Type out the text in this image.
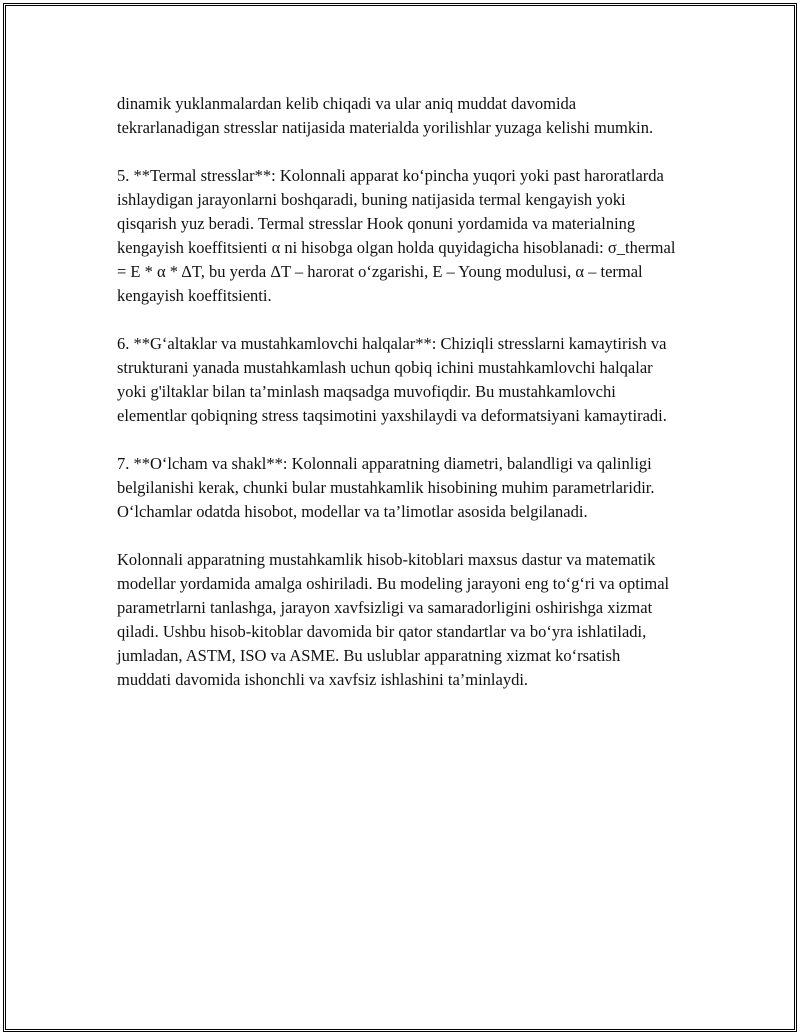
dinamik yuklanmalardan kelib chiqadi va ular aniq muddat davomida tekrarlanadigan stresslar natijasida materialda yorilishlar yuzaga kelishi mumkin.

5. **Termal stresslar**: Kolonnali apparat ko‘pincha yuqori yoki past haroratlarda ishlaydigan jarayonlarni boshqaradi, buning natijasida termal kengayish yoki qisqarish yuz beradi. Termal stresslar Hook qonuni yordamida va materialning kengayish koeffitsienti α ni hisobga olgan holda quyidagicha hisoblanadi: σ_thermal = E * α * ΔT, bu yerda ΔT – harorat o‘zgarishi, E – Young modulusi, α – termal kengayish koeffitsienti.

6. **G‘altaklar va mustahkamlovchi halqalar**: Chiziqli stresslarni kamaytirish va strukturani yanada mustahkamlash uchun qobiq ichini mustahkamlovchi halqalar yoki g'iltaklar bilan ta’minlash maqsadga muvofiqdir. Bu mustahkamlovchi elementlar qobiqning stress taqsimotini yaxshilaydi va deformatsiyani kamaytiradi.

7. **O‘lcham va shakl**: Kolonnali apparatning diametri, balandligi va qalinligi belgilanishi kerak, chunki bular mustahkamlik hisobining muhim parametrlaridir. O‘lchamlar odatda hisobot, modellar va ta’limotlar asosida belgilanadi.

Kolonnali apparatning mustahkamlik hisob-kitoblari maxsus dastur va matematik modellar yordamida amalga oshiriladi. Bu modeling jarayoni eng to‘g‘ri va optimal parametrlarni tanlashga, jarayon xavfsizligi va samaradorligini oshirishga xizmat qiladi. Ushbu hisob-kitoblar davomida bir qator standartlar va bo‘yra ishlatiladi, jumladan, ASTM, ISO va ASME. Bu uslublar apparatning xizmat ko‘rsatish muddati davomida ishonchli va xavfsiz ishlashini ta’minlaydi.
